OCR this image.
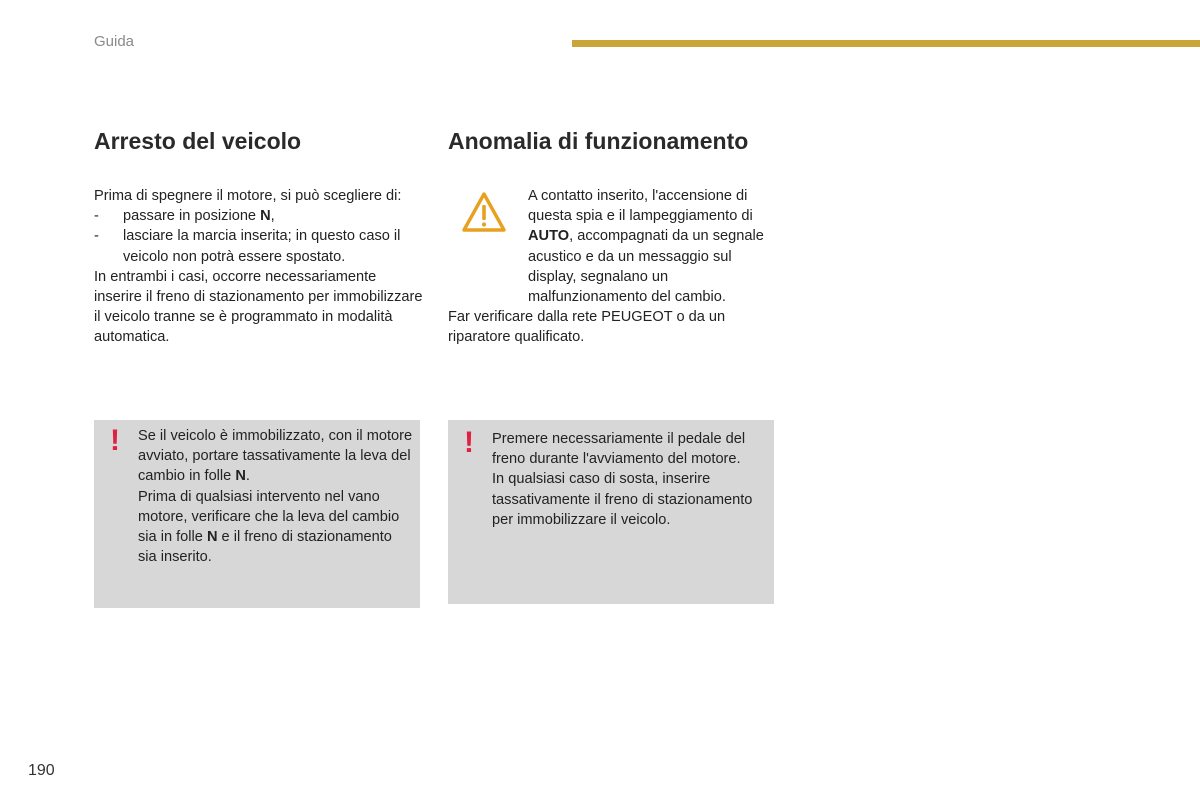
Guida
Arresto del veicolo
Prima di spegnere il motore, si può scegliere di:
- passare in posizione N,
- lasciare la marcia inserita; in questo caso il veicolo non potrà essere spostato.
In entrambi i casi, occorre necessariamente inserire il freno di stazionamento per immobilizzare il veicolo tranne se è programmato in modalità automatica.
Anomalia di funzionamento
A contatto inserito, l'accensione di questa spia e il lampeggiamento di AUTO, accompagnati da un segnale acustico e da un messaggio sul display, segnalano un malfunzionamento del cambio.
Far verificare dalla rete PEUGEOT o da un riparatore qualificato.
! Se il veicolo è immobilizzato, con il motore avviato, portare tassativamente la leva del cambio in folle N.
Prima di qualsiasi intervento nel vano motore, verificare che la leva del cambio sia in folle N e il freno di stazionamento sia inserito.
! Premere necessariamente il pedale del freno durante l'avviamento del motore.
In qualsiasi caso di sosta, inserire tassativamente il freno di stazionamento per immobilizzare il veicolo.
190
